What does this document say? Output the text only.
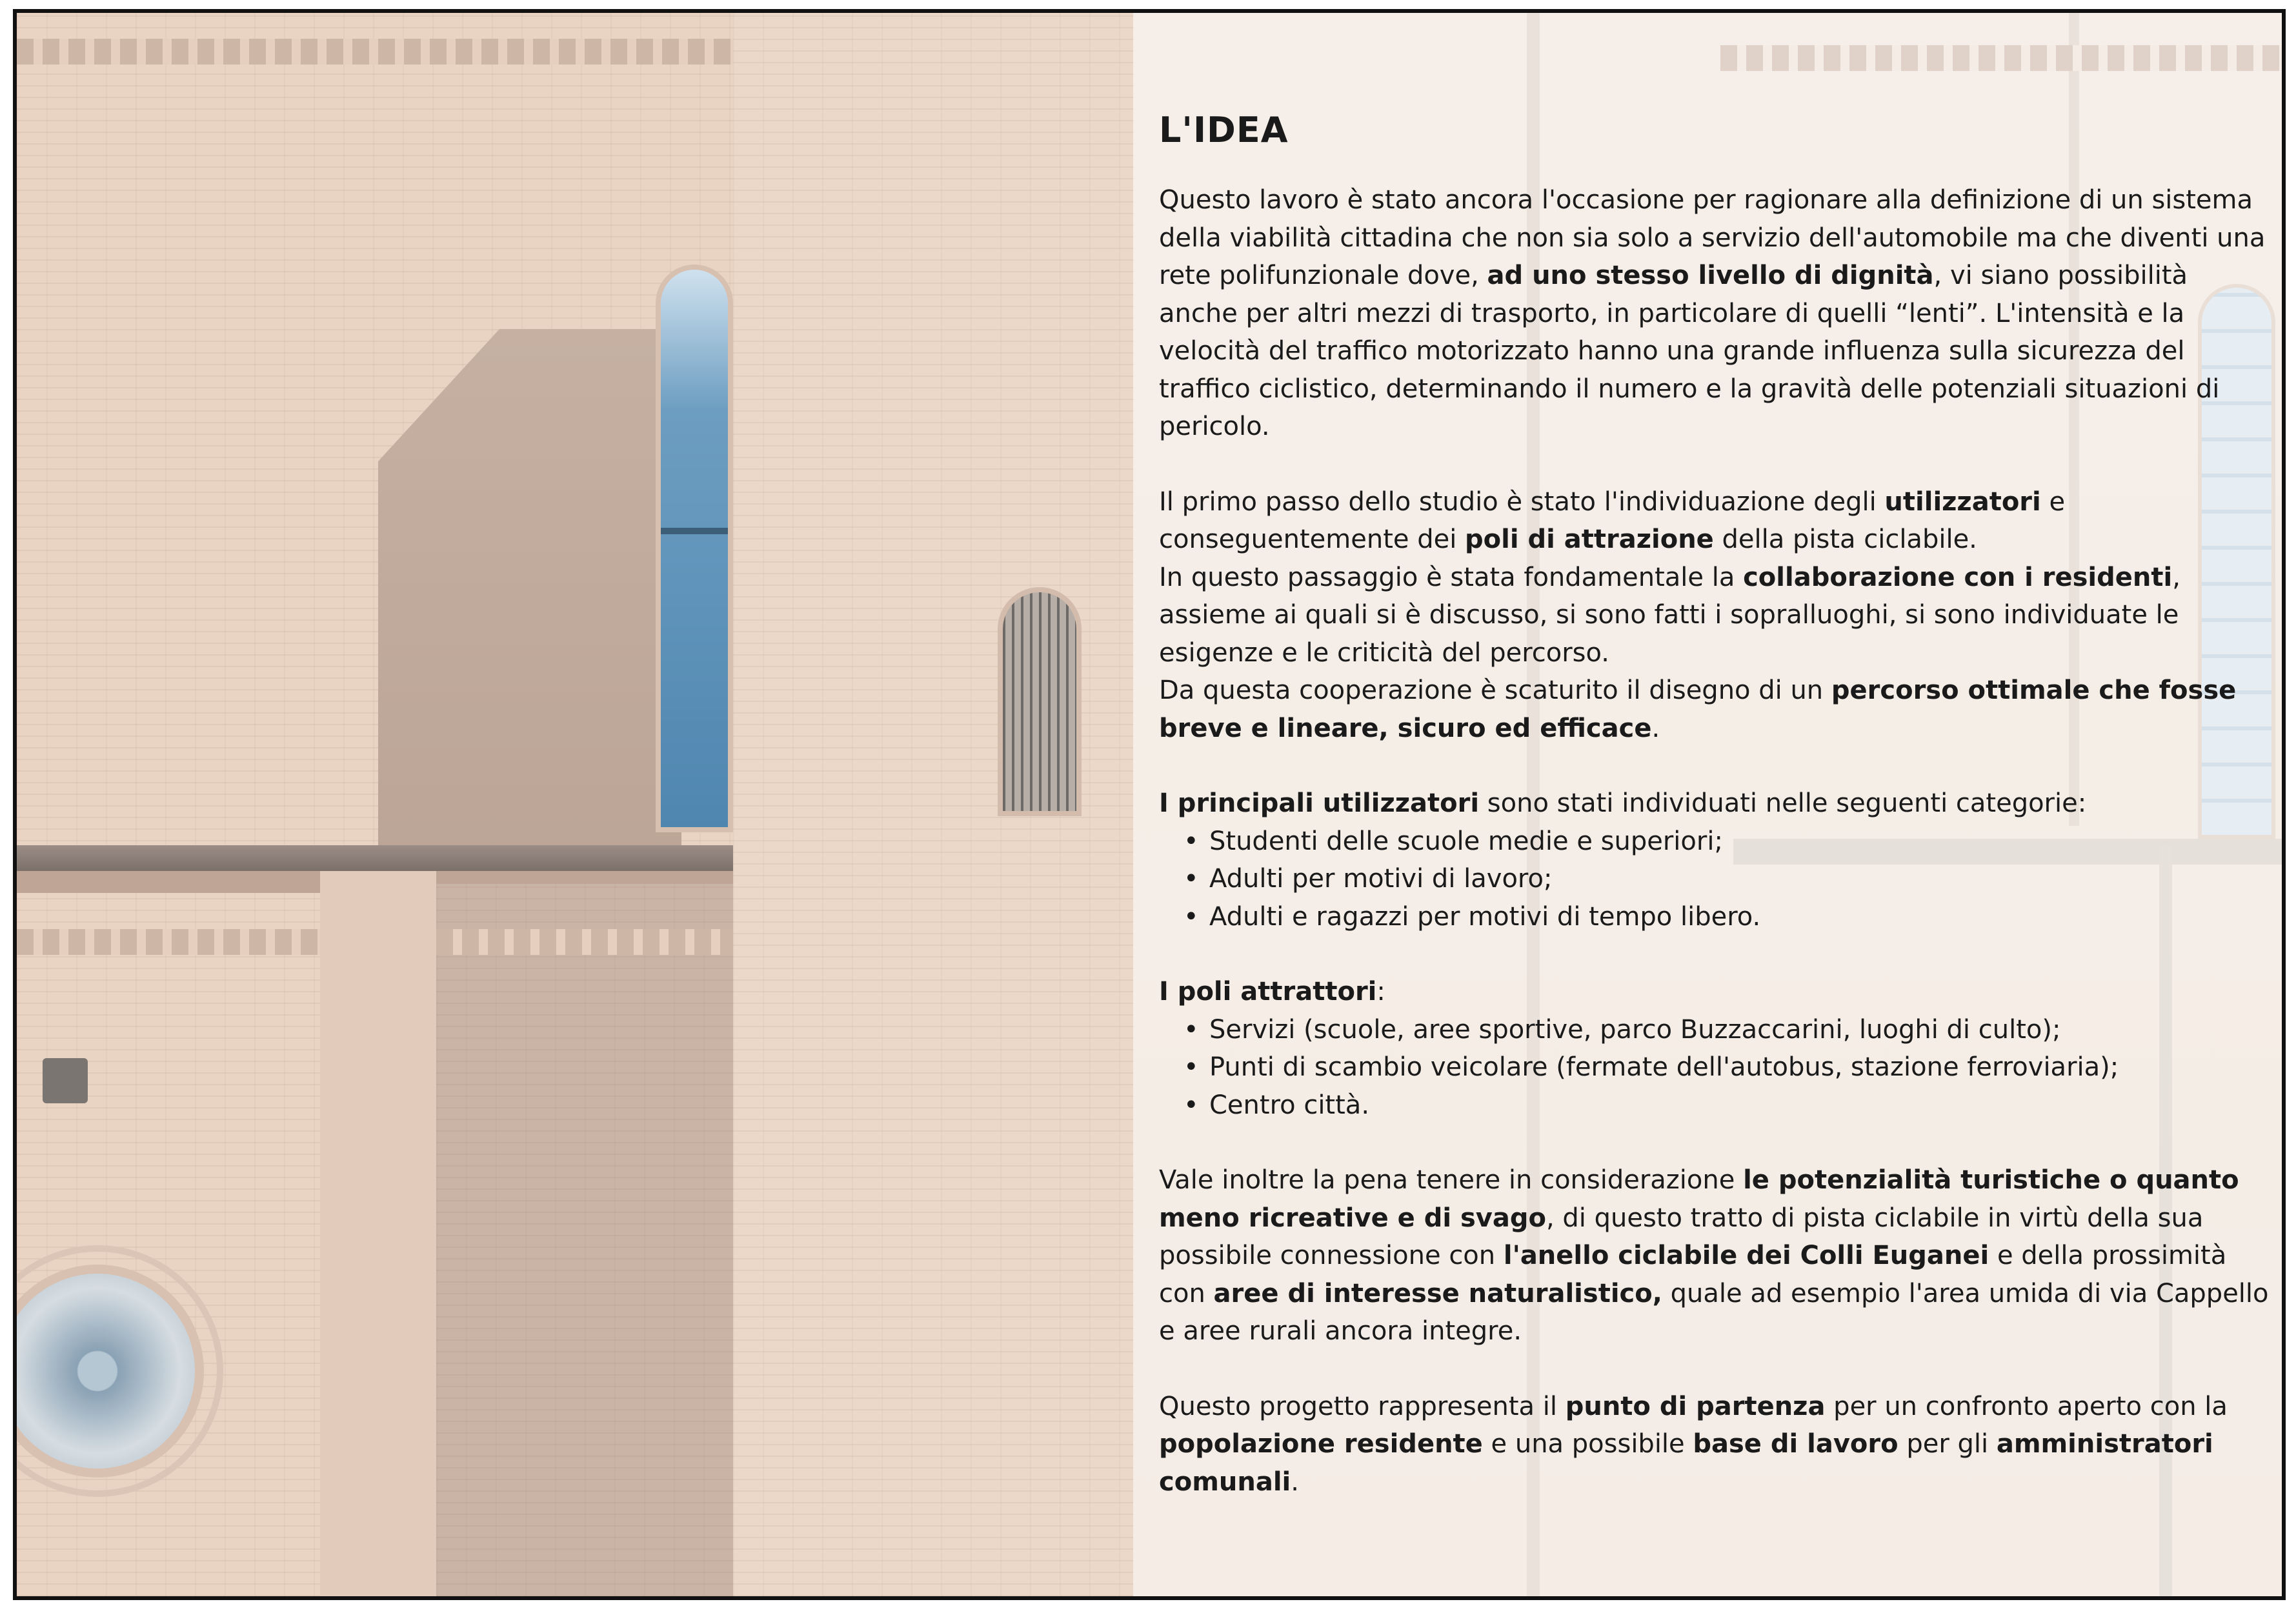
L'IDEA

Questo lavoro è stato ancora l'occasione per ragionare alla definizione di un sistema della viabilità cittadina che non sia solo a servizio dell'automobile ma che diventi una rete polifunzionale dove, ad uno stesso livello di dignità, vi siano possibilità anche per altri mezzi di trasporto, in particolare di quelli “lenti”. L'intensità e la velocità del traffico motorizzato hanno una grande influenza sulla sicurezza del traffico ciclistico, determinando il numero e la gravità delle potenziali situazioni di pericolo.

Il primo passo dello studio è stato l'individuazione degli utilizzatori e conseguentemente dei poli di attrazione della pista ciclabile.
In questo passaggio è stata fondamentale la collaborazione con i residenti, assieme ai quali si è discusso, si sono fatti i sopralluoghi, si sono individuate le esigenze e le criticità del percorso.
Da questa cooperazione è scaturito il disegno di un percorso ottimale che fosse breve e lineare, sicuro ed efficace.

I principali utilizzatori sono stati individuati nelle seguenti categorie:

• Studenti delle scuole medie e superiori;
• Adulti per motivi di lavoro;
• Adulti e ragazzi per motivi di tempo libero.

I poli attrattori:

• Servizi (scuole, aree sportive, parco Buzzaccarini, luoghi di culto);
• Punti di scambio veicolare (fermate dell'autobus, stazione ferroviaria);
• Centro città.

Vale inoltre la pena tenere in considerazione le potenzialità turistiche o quanto meno ricreative e di svago, di questo tratto di pista ciclabile in virtù della sua possibile connessione con l'anello ciclabile dei Colli Euganei e della prossimità con aree di interesse naturalistico, quale ad esempio l'area umida di via Cappello e aree rurali ancora integre.

Questo progetto rappresenta il punto di partenza per un confronto aperto con la popolazione residente e una possibile base di lavoro per gli amministratori comunali.
